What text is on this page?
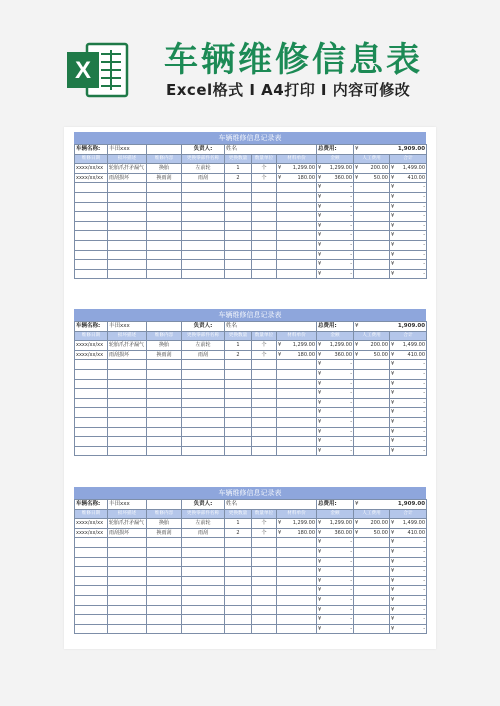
X 车辆维修信息表
Excel格式 I A4打印 I 内容可修改
车辆维修信息记录表
车辆名称:	丰田xxx		负责人:	姓名			总费用:	¥ 1,909.00	

维修日期	损坏描述	维修内容	更换零部件名称	更换数量	数量单位	材料单价	金额	人工费用	合计
xxxx/xx/xx	轮胎爪扦矛漏气	换胎	左前轮	1	个	¥ 1,299.00	¥ 1,299.00	¥ 200.00	¥ 1,499.00

xxxx/xx/xx	雨刮损坏	换雨刮	雨刮	2	个	¥ 180.00	¥ 360.00	¥ 50.00	¥ 410.00

							¥ -		¥ -

							¥ -		¥ -

							¥ -		¥ -

							¥ -		¥ -

							¥ -		¥ -

							¥ -		¥ -

							¥ -		¥ -

							¥ -		¥ -

							¥ -		¥ -

							¥ -		¥ -
车辆维修信息记录表
车辆名称:	丰田xxx		负责人:	姓名			总费用:	¥ 1,909.00	

维修日期	损坏描述	维修内容	更换零部件名称	更换数量	数量单位	材料单价	金额	人工费用	合计
xxxx/xx/xx	轮胎爪扦矛漏气	换胎	左前轮	1	个	¥ 1,299.00	¥ 1,299.00	¥ 200.00	¥ 1,499.00

xxxx/xx/xx	雨刮损坏	换雨刮	雨刮	2	个	¥ 180.00	¥ 360.00	¥ 50.00	¥ 410.00

							¥ -		¥ -

							¥ -		¥ -

							¥ -		¥ -

							¥ -		¥ -

							¥ -		¥ -

							¥ -		¥ -

							¥ -		¥ -

							¥ -		¥ -

							¥ -		¥ -

							¥ -		¥ -
车辆维修信息记录表
车辆名称:	丰田xxx		负责人:	姓名			总费用:	¥ 1,909.00	

维修日期	损坏描述	维修内容	更换零部件名称	更换数量	数量单位	材料单价	金额	人工费用	合计
xxxx/xx/xx	轮胎爪扦矛漏气	换胎	左前轮	1	个	¥ 1,299.00	¥ 1,299.00	¥ 200.00	¥ 1,499.00

xxxx/xx/xx	雨刮损坏	换雨刮	雨刮	2	个	¥ 180.00	¥ 360.00	¥ 50.00	¥ 410.00

							¥ -		¥ -

							¥ -		¥ -

							¥ -		¥ -

							¥ -		¥ -

							¥ -		¥ -

							¥ -		¥ -

							¥ -		¥ -

							¥ -		¥ -

							¥ -		¥ -

							¥ -		¥ -
